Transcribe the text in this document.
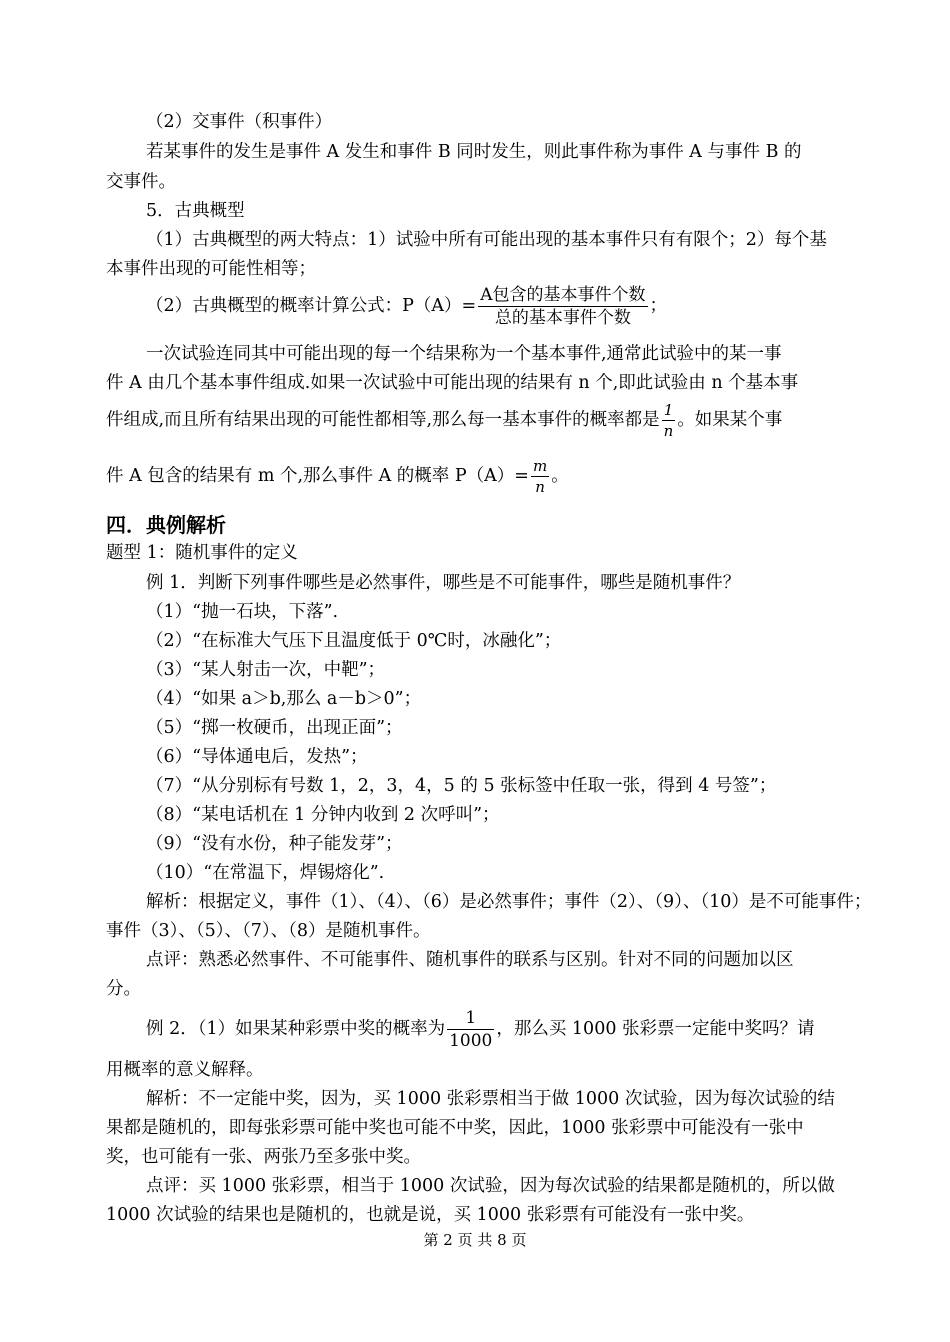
（2）交事件（积事件）
若某事件的发生是事件 A 发生和事件 B 同时发生，则此事件称为事件 A 与事件 B 的
交事件。
5．古典概型
（1）古典概型的两大特点：1）试验中所有可能出现的基本事件只有有限个；2）每个基
本事件出现的可能性相等；
（2）古典概型的概率计算公式：$P(A)= \frac{\text{A包含的基本事件个数}}{\text{总的基本事件个数}}$ ；
一次试验连同其中可能出现的每一个结果称为一个基本事件,通常此试验中的某一事
件 A 由几个基本事件组成.如果一次试验中可能出现的结果有 n 个,即此试验由 n 个基本事
件组成,而且所有结果出现的可能性都相等,那么每一基本事件的概率都是 $\frac{1}{n}$ 。如果某个事
件 A 包含的结果有 m 个,那么事件 A 的概率 $P(A)= \frac{m}{n}$ 。
四．典例解析
题型 1：随机事件的定义
例 1．判断下列事件哪些是必然事件，哪些是不可能事件，哪些是随机事件？
（1）“抛一石块，下落”.
（2）“在标准大气压下且温度低于 0℃时，冰融化”；
（3）“某人射击一次，中靶”；
（4）“如果 a＞b,那么 a－b＞0”；
（5）“掷一枚硬币，出现正面”；
（6）“导体通电后，发热”；
（7）“从分别标有号数 1，2，3，4，5 的 5 张标签中任取一张，得到 4 号签”；
（8）“某电话机在 1 分钟内收到 2 次呼叫”；
（9）“没有水份，种子能发芽”；
（10）“在常温下，焊锡熔化”.
解析：根据定义，事件（1）、（4）、（6）是必然事件；事件（2）、（9）、（10）是不可能事件；
事件（3）、（5）、（7）、（8）是随机事件。
点评：熟悉必然事件、不可能事件、随机事件的联系与区别。针对不同的问题加以区
分。
例 2．（1）如果某种彩票中奖的概率为 $\frac{1}{1000}$ ，那么买 1000 张彩票一定能中奖吗？请
用概率的意义解释。
解析：不一定能中奖，因为，买 1000 张彩票相当于做 1000 次试验，因为每次试验的结
果都是随机的，即每张彩票可能中奖也可能不中奖，因此，1000 张彩票中可能没有一张中
奖，也可能有一张、两张乃至多张中奖。
点评：买 1000 张彩票，相当于 1000 次试验，因为每次试验的结果都是随机的，所以做
1000 次试验的结果也是随机的，也就是说，买 1000 张彩票有可能没有一张中奖。
第 2 页 共 8 页
